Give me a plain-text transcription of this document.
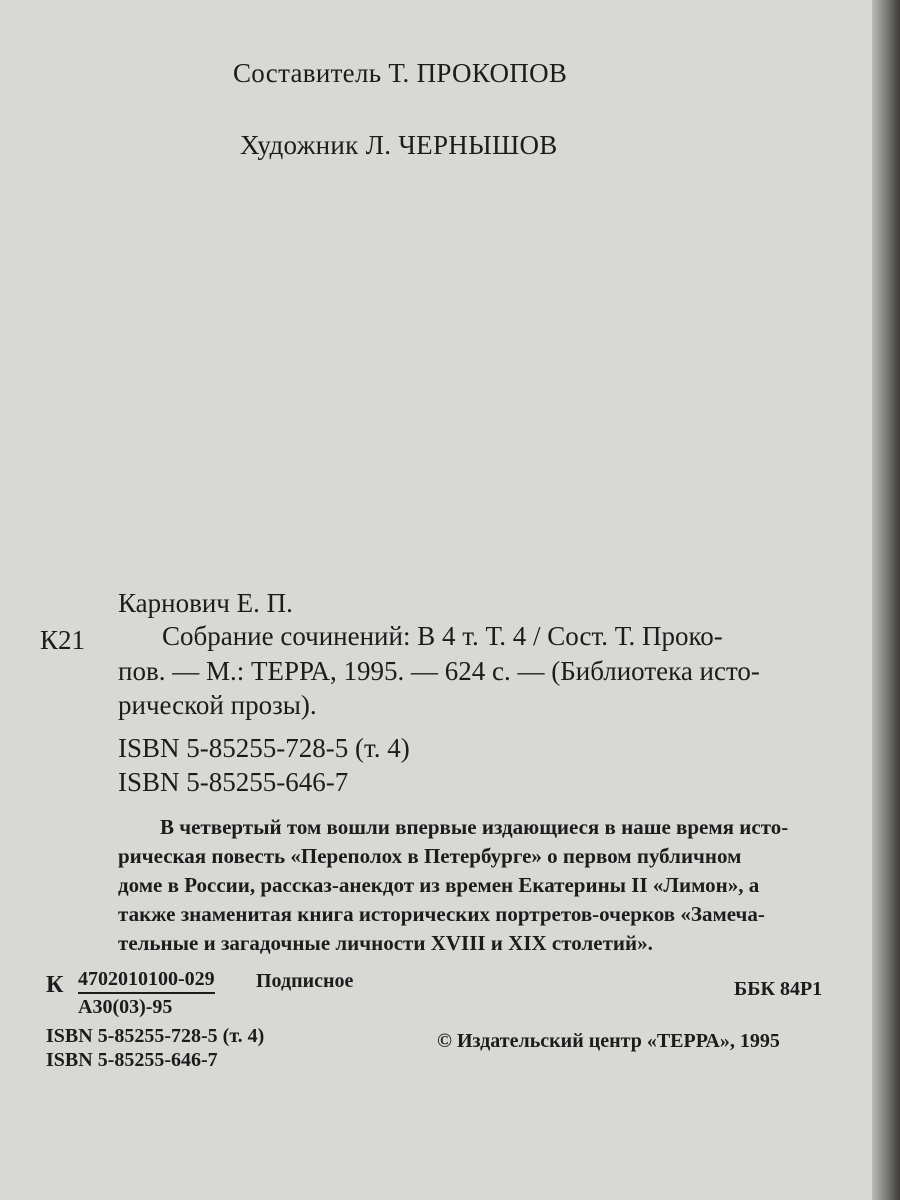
Составитель Т. ПРОКОПОВ
Художник Л. ЧЕРНЫШОВ
Карнович Е. П.
К21	Собрание сочинений: В 4 т. Т. 4 / Сост. Т. Проко-
пов. — М.: ТЕРРА, 1995. — 624 с. — (Библиотека исто-
рической прозы).
ISBN 5-85255-728-5 (т. 4)
ISBN 5-85255-646-7
В четвертый том вошли впервые издающиеся в наше время исто-
рическая повесть «Переполох в Петербурге» о первом публичном
доме в России, рассказ-анекдот из времен Екатерины II «Лимон», а
также знаменитая книга исторических портретов-очерков «Замеча-
тельные и загадочные личности XVIII и XIX столетий».
К 4702010100-029 Подписное
А30(03)-95
ББК 84Р1
ISBN 5-85255-728-5 (т. 4)
ISBN 5-85255-646-7
© Издательский центр «ТЕРРА», 1995
